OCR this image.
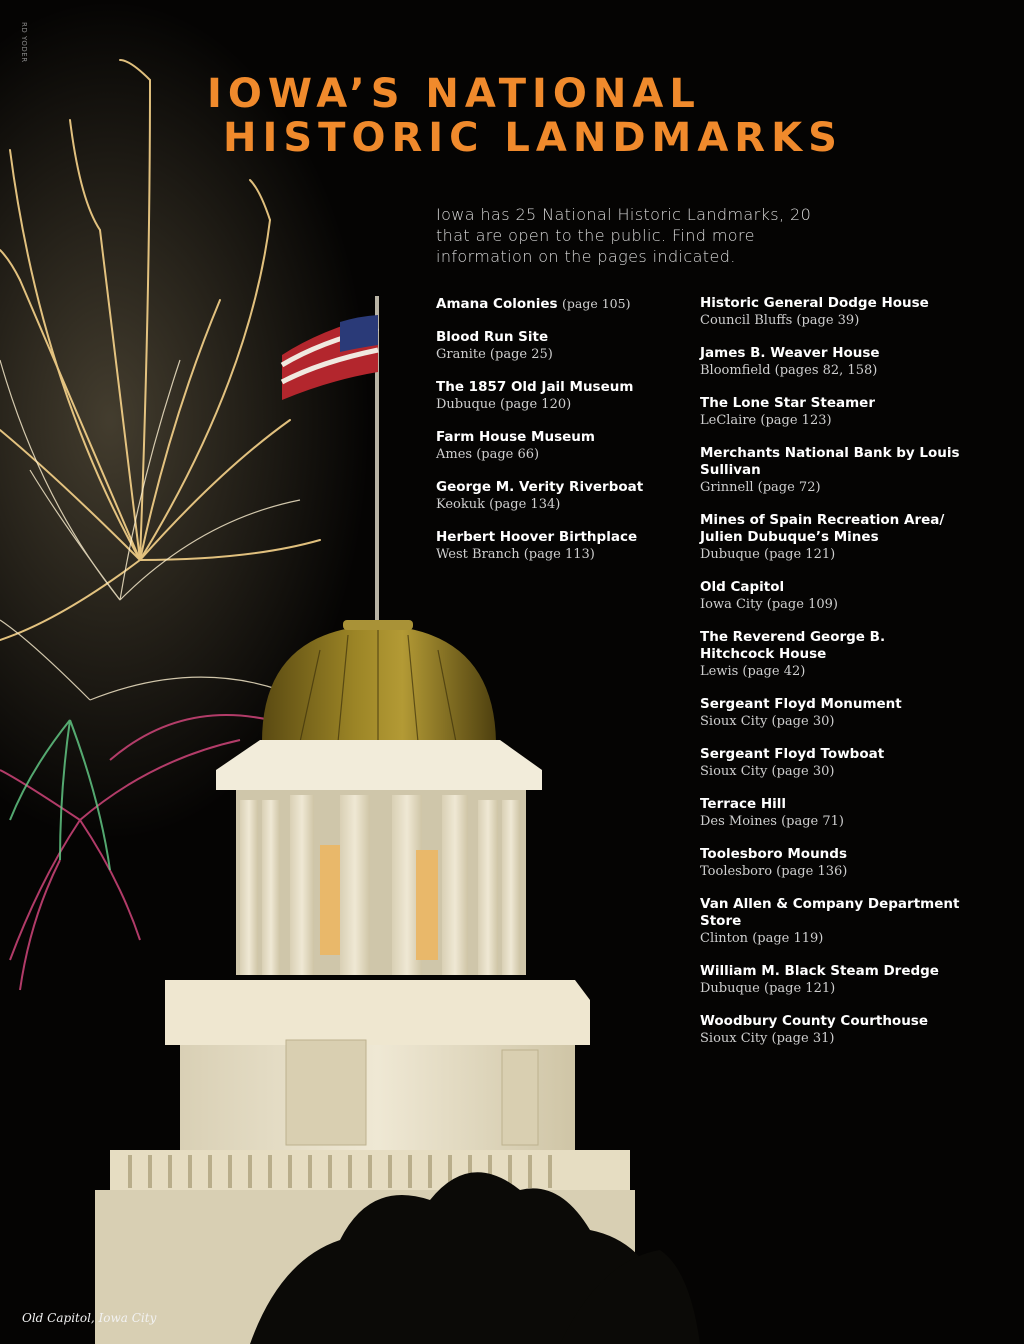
RD YODER
IOWA’S NATIONAL
HISTORIC LANDMARKS

Iowa has 25 National Historic Landmarks, 20 that are open to the public. Find more information on the pages indicated.

Amana Colonies (page 105)
Blood Run Site
Granite (page 25)
The 1857 Old Jail Museum
Dubuque (page 120)
Farm House Museum
Ames (page 66)
George M. Verity Riverboat
Keokuk (page 134)
Herbert Hoover Birthplace
West Branch (page 113)
Historic General Dodge House
Council Bluffs (page 39)
James B. Weaver House
Bloomfield (pages 82, 158)
The Lone Star Steamer
LeClaire (page 123)
Merchants National Bank by Louis Sullivan
Grinnell (page 72)
Mines of Spain Recreation Area/ Julien Dubuque’s Mines
Dubuque (page 121)
Old Capitol
Iowa City (page 109)
The Reverend George B. Hitchcock House
Lewis (page 42)
Sergeant Floyd Monument
Sioux City (page 30)
Sergeant Floyd Towboat
Sioux City (page 30)
Terrace Hill
Des Moines (page 71)
Toolesboro Mounds
Toolesboro (page 136)
Van Allen & Company Department Store
Clinton (page 119)
William M. Black Steam Dredge
Dubuque (page 121)
Woodbury County Courthouse
Sioux City (page 31)
Old Capitol, Iowa City
